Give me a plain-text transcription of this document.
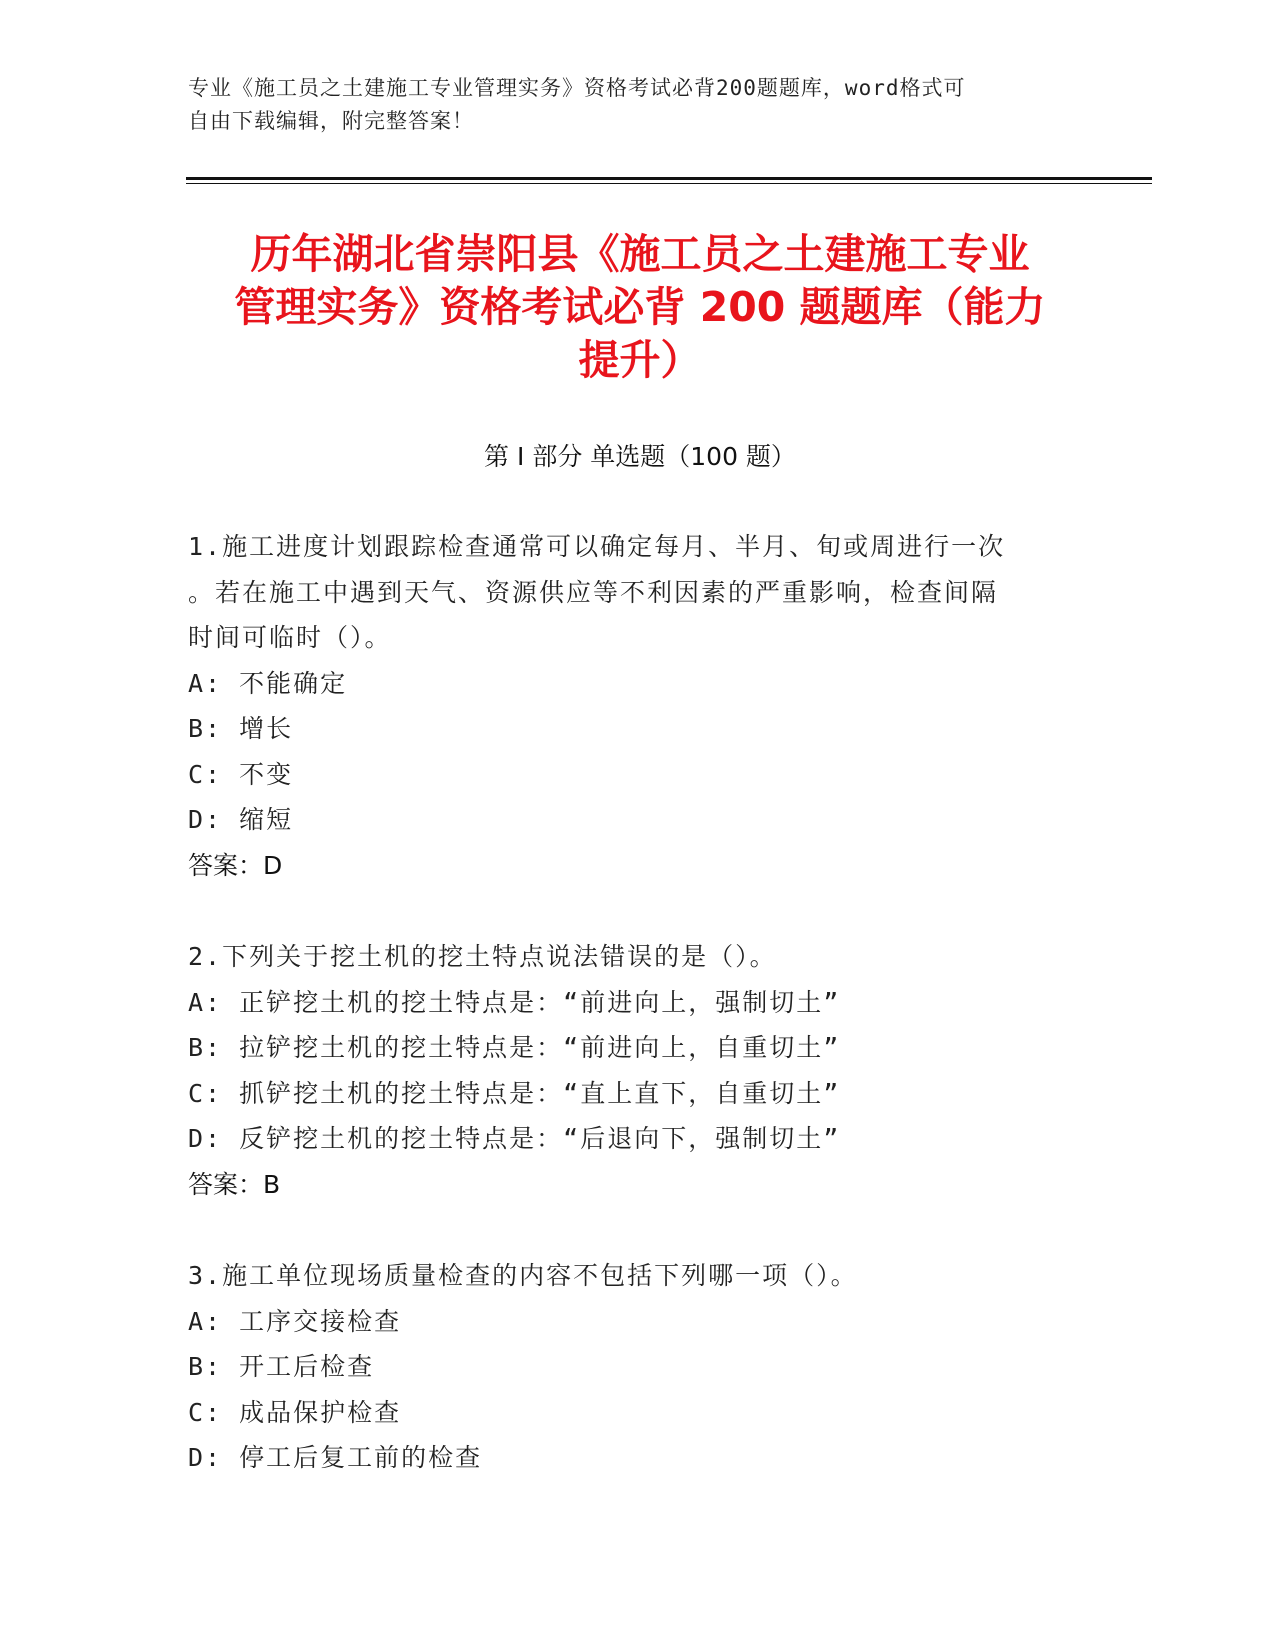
专业《施工员之土建施工专业管理实务》资格考试必背200题题库，word格式可
自由下载编辑，附完整答案！
历年湖北省崇阳县《施工员之土建施工专业
管理实务》资格考试必背 200 题题库（能力
提升）
第 I 部分 单选题（100 题）
1.施工进度计划跟踪检查通常可以确定每月、半月、旬或周进行一次
。若在施工中遇到天气、资源供应等不利因素的严重影响，检查间隔
时间可临时（）。
A: 不能确定
B: 增长
C: 不变
D: 缩短
答案：D
2.下列关于挖土机的挖土特点说法错误的是（）。
A: 正铲挖土机的挖土特点是：“前进向上，强制切土”
B: 拉铲挖土机的挖土特点是：“前进向上，自重切土”
C: 抓铲挖土机的挖土特点是：“直上直下，自重切土”
D: 反铲挖土机的挖土特点是：“后退向下，强制切土”
答案：B
3.施工单位现场质量检查的内容不包括下列哪一项（）。
A: 工序交接检查
B: 开工后检查
C: 成品保护检查
D: 停工后复工前的检查
